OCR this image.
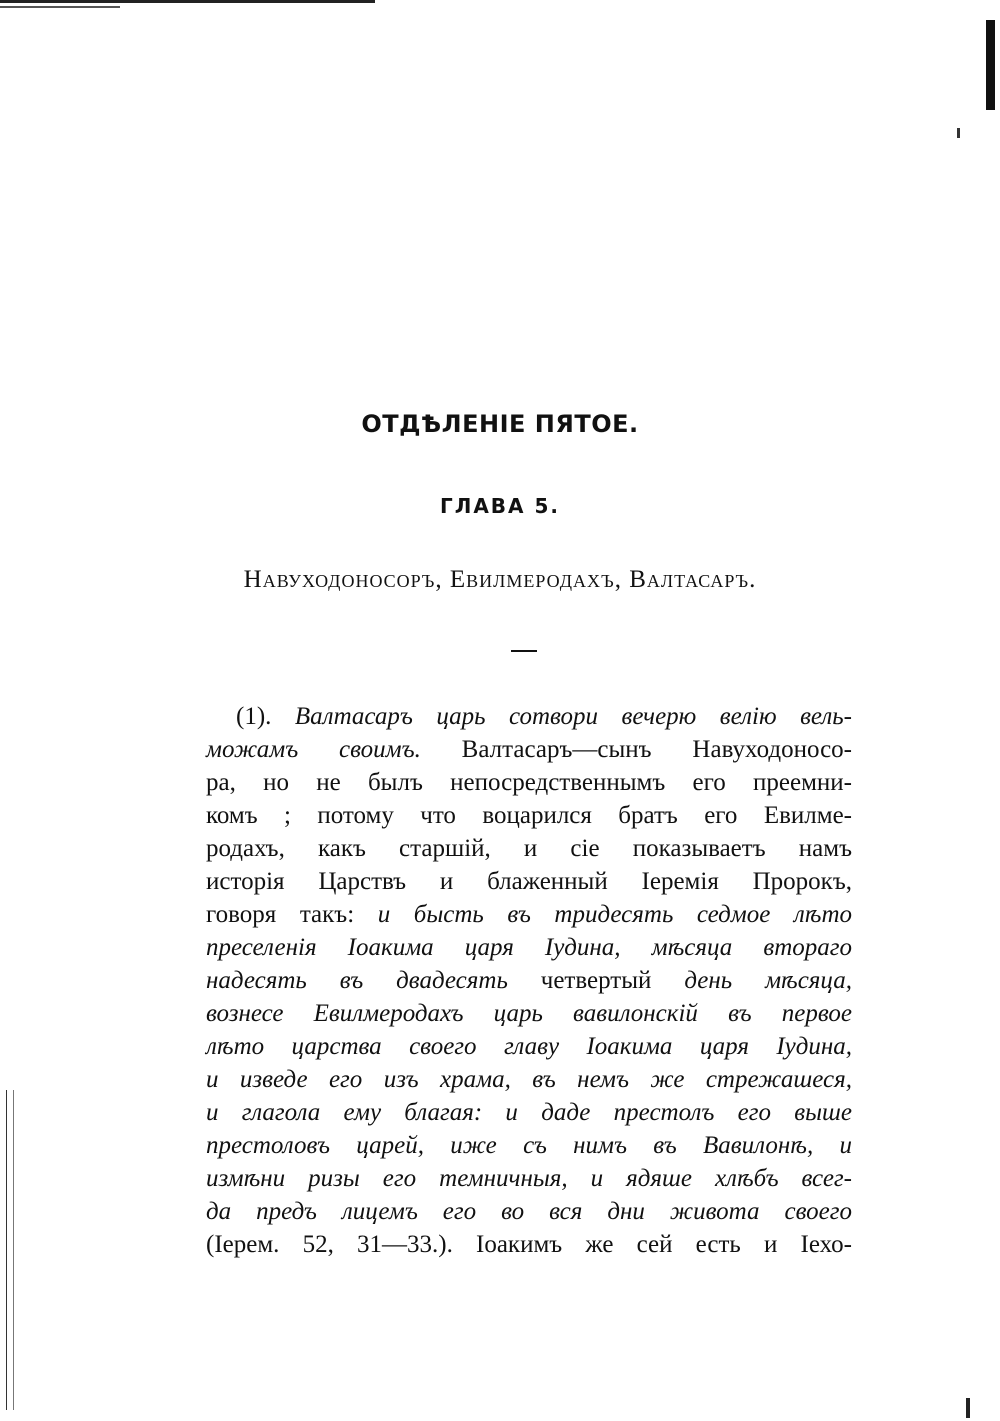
ОТДѢЛЕНІЕ ПЯТОЕ.
ГЛАВА 5.
Навуходоносоръ, Евилмеродахъ, Валтасаръ.
(1). Валтасаръ царь сотвори вечерю велію вель-
можамъ своимъ. Валтасаръ—сынъ Навуходоносо-
ра, но не былъ непосредственнымъ его преемни-
комъ ; потому что воцарился братъ его Евилме-
родахъ, какъ старшій, и сіе показываетъ намъ
исторія Царствъ и блаженный Іеремія Пророкъ,
говоря такъ: и бысть въ тридесять седмое лѣто
преселенія Іоакима царя Іудина, мѣсяца втораго
надесять въ двадесять четвертый день мѣсяца,
вознесе Евилмеродахъ царь вавилонскій въ первое
лѣто царства своего главу Іоакима царя Іудина,
и изведе его изъ храма, въ немъ же стрежашеся,
и глагола ему благая: и даде престолъ его выше
престоловъ царей, иже съ нимъ въ Вавилонѣ, и
измѣни ризы его темничныя, и ядяше хлѣбъ всег-
да предъ лицемъ его во вся дни живота своего
(Іерем. 52, 31—33.). Іоакимъ же сей есть и Іехо-
